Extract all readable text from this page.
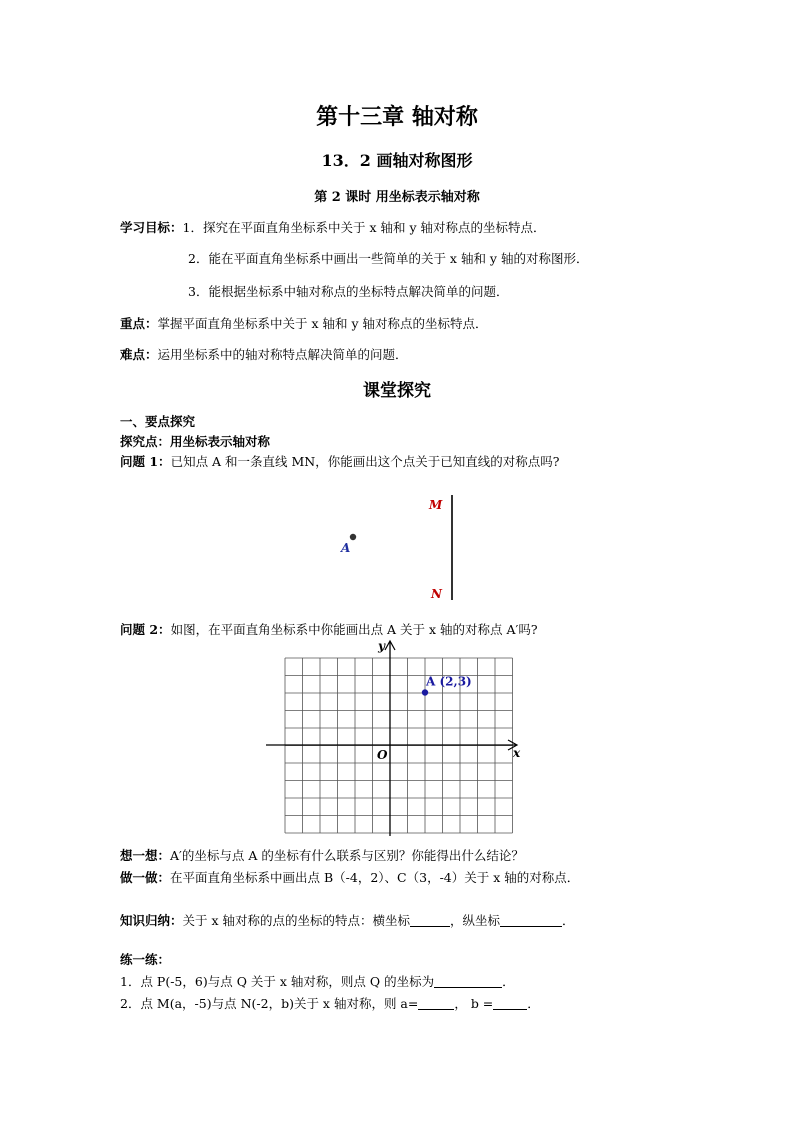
第十三章 轴对称
13．2 画轴对称图形
第 2 课时 用坐标表示轴对称
学习目标：1．探究在平面直角坐标系中关于 x 轴和 y 轴对称点的坐标特点．
2．能在平面直角坐标系中画出一些简单的关于 x 轴和 y 轴的对称图形．
3．能根据坐标系中轴对称点的坐标特点解决简单的问题．
重点：掌握平面直角坐标系中关于 x 轴和 y 轴对称点的坐标特点．
难点：运用坐标系中的轴对称特点解决简单的问题．
课堂探究
一、要点探究
探究点：用坐标表示轴对称
问题 1：已知点 A 和一条直线 MN，你能画出这个点关于已知直线的对称点吗?
A
M
N
问题 2：如图，在平面直角坐标系中你能画出点 A 关于 x 轴的对称点 A′吗?
y
x
O
A (2,3)
想一想：A′的坐标与点 A 的坐标有什么联系与区别？你能得出什么结论？
做一做：在平面直角坐标系中画出点 B（-4，2）、C（3，-4）关于 x 轴的对称点．
知识归纳：关于 x 轴对称的点的坐标的特点：横坐标	，纵坐标	．
练一练：
1．点 P(-5，6)与点 Q 关于 x 轴对称，则点 Q 的坐标为	．
2．点 M(a，-5)与点 N(-2，b)关于 x 轴对称，则 a=	， b =	．
